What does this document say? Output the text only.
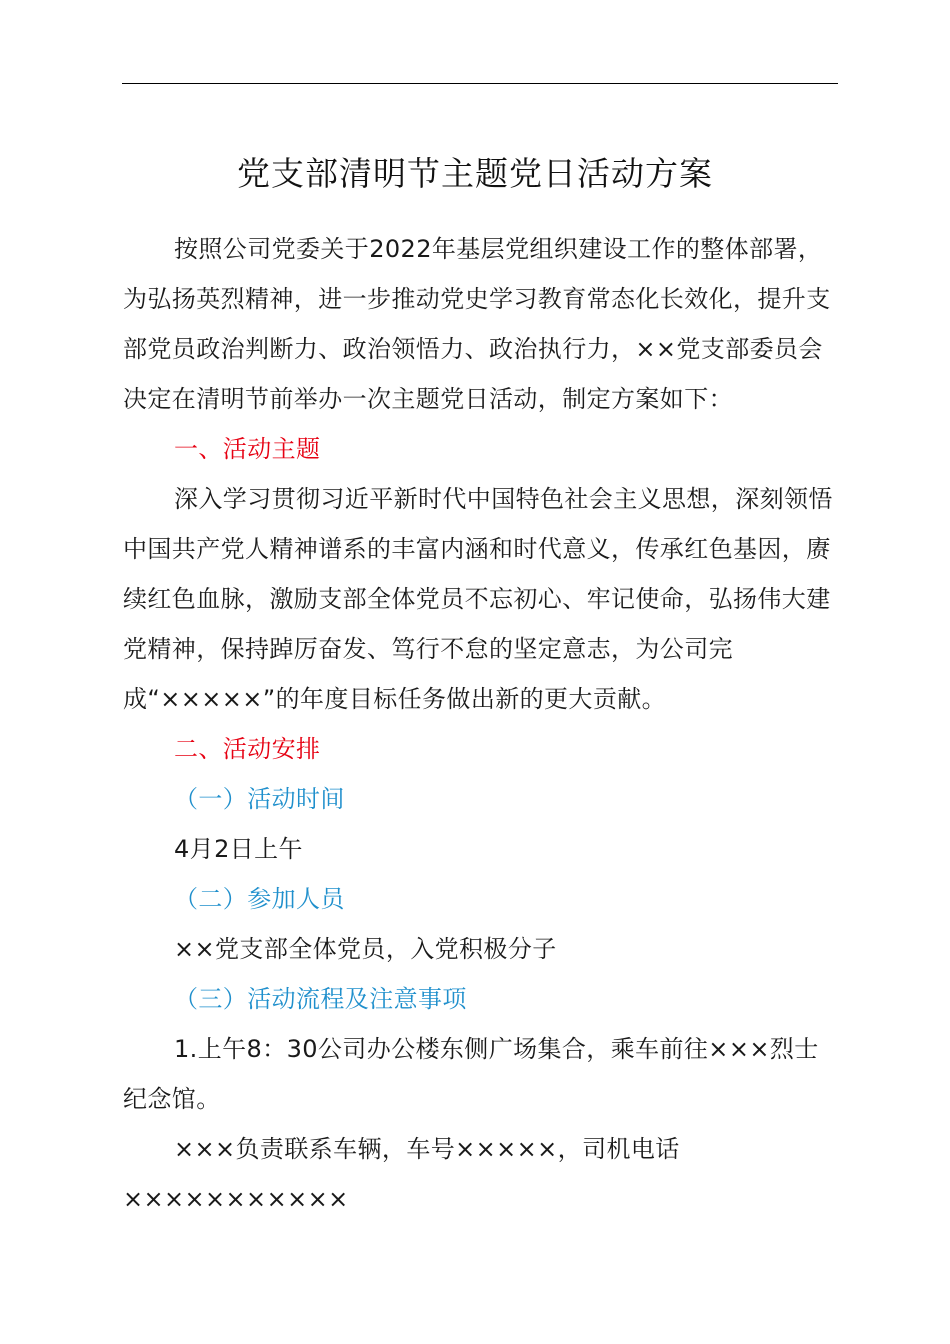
党支部清明节主题党日活动方案

按照公司党委关于2022年基层党组织建设工作的整体部署，为弘扬英烈精神，进一步推动党史学习教育常态化长效化，提升支部党员政治判断力、政治领悟力、政治执行力，××党支部委员会决定在清明节前举办一次主题党日活动，制定方案如下：

一、活动主题

深入学习贯彻习近平新时代中国特色社会主义思想，深刻领悟中国共产党人精神谱系的丰富内涵和时代意义，传承红色基因，赓续红色血脉，激励支部全体党员不忘初心、牢记使命，弘扬伟大建党精神，保持踔厉奋发、笃行不怠的坚定意志，为公司完成“×××××”的年度目标任务做出新的更大贡献。

二、活动安排

（一）活动时间

4月2日上午

（二）参加人员

××党支部全体党员，入党积极分子

（三）活动流程及注意事项

1.上午8：30公司办公楼东侧广场集合，乘车前往×××烈士纪念馆。

×××负责联系车辆，车号×××××，司机电话×××××××××××
